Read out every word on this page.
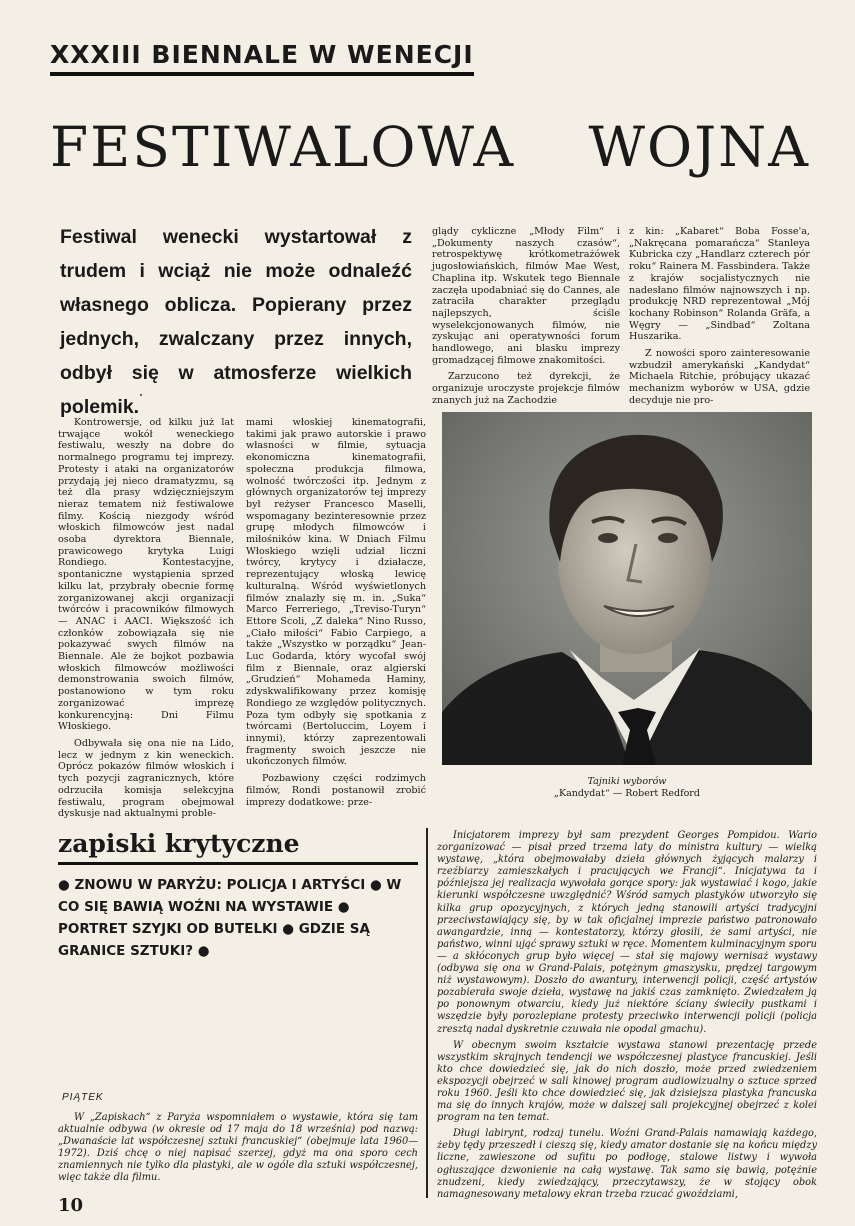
XXXIII BIENNALE W WENECJI
FESTIWALOWA WOJNA

Festiwal wenecki wystartował z trudem i wciąż nie może odnaleźć własnego oblicza. Popierany przez jednych, zwalczany przez innych, odbył się w atmosferze wielkich polemik.

glądy cykliczne „Młody Film“ i „Dokumenty naszych czasów“, retrospektywę krótkometrażówek jugosłowiańskich, filmów Mae West, Chaplina itp. Wskutek tego Biennale zaczęła upodabniać się do Cannes, ale zatraciła charakter przeglądu najlepszych, ściśle wyselekcjonowanych filmów, nie zyskując ani operatywności forum handlowego, ani blasku imprezy gromadzącej filmowe znakomitości.

Zarzucono też dyrekcji, że organizuje uroczyste projekcje filmów znanych już na Zachodzie

z kin: „Kabaret“ Boba Fosse'a, „Nakręcana pomarańcza“ Stanleya Kubricka czy „Handlarz czterech pór roku“ Rainera M. Fassbindera. Także z krajów socjalistycznych nie nadesłano filmów najnowszych i np. produkcję NRD reprezentował „Mój kochany Robinson“ Rolanda Gräfa, a Węgry — „Sindbad“ Zoltana Huszarika.

Z nowości sporo zainteresowanie wzbudził amerykański „Kandydat“ Michaela Ritchie, próbujący ukazać mechanizm wyborów w USA, gdzie decyduje nie pro-

Kontrowersje, od kilku już lat trwające wokół weneckiego festiwalu, weszły na dobre do normalnego programu tej imprezy. Protesty i ataki na organizatorów przydają jej nieco dramatyzmu, są też dla prasy wdzięczniejszym nieraz tematem niż festiwalowe filmy. Kością niezgody wśród włoskich filmowców jest nadal osoba dyrektora Biennale, prawicowego krytyka Luigi Rondiego. Kontestacyjne, spontaniczne wystąpienia sprzed kilku lat, przybrały obecnie formę zorganizowanej akcji organizacji twórców i pracowników filmowych — ANAC i AACI. Większość ich członków zobowiązała się nie pokazywać swych filmów na Biennale. Ale że bojkot pozbawia włoskich filmowców możliwości demonstrowania swoich filmów, postanowiono w tym roku zorganizować imprezę konkurencyjną: Dni Filmu Włoskiego.

Odbywała się ona nie na Lido, lecz w jednym z kin weneckich. Oprócz pokazów filmów włoskich i tych pozycji zagranicznych, które odrzuciła komisja selekcyjna festiwalu, program obejmował dyskusje nad aktualnymi proble-

mami włoskiej kinematografii, takimi jak prawo autorskie i prawo własności w filmie, sytuacja ekonomiczna kinematografii, społeczna produkcja filmowa, wolność twórczości itp. Jednym z głównych organizatorów tej imprezy był reżyser Francesco Maselli, wspomagany bezinteresownie przez grupę młodych filmowców i miłośników kina. W Dniach Filmu Włoskiego wzięli udział liczni twórcy, krytycy i działacze, reprezentujący włoską lewicę kulturalną. Wśród wyświetlonych filmów znalazły się m. in. „Suka“ Marco Ferreriego, „Treviso-Turyn“ Ettore Scoli, „Z daleka“ Nino Russo, „Ciało miłości“ Fabio Carpiego, a także „Wszystko w porządku“ Jean-Luc Godarda, który wycofał swój film z Biennale, oraz algierski „Grudzień“ Mohameda Haminy, zdyskwalifikowany przez komisję Rondiego ze względów politycznych. Poza tym odbyły się spotkania z twórcami (Bertoluccim, Loyem i innymi), którzy zaprezentowali fragmenty swoich jeszcze nie ukończonych filmów.

Pozbawiony części rodzimych filmów, Rondi postanowił zrobić imprezy dodatkowe: prze-

Tajniki wyborów
„Kandydat“ — Robert Redford
zapiski krytyczne

● ZNOWU W PARYŻU: POLICJA I ARTYŚCI ● W CO SIĘ BAWIĄ WOŹNI NA WYSTAWIE ● PORTRET SZYJKI OD BUTELKI ● GDZIE SĄ GRANICE SZTUKI? ●

PIĄTEK

W „Zapiskach“ z Paryża wspomniałem o wystawie, która się tam aktualnie odbywa (w okresie od 17 maja do 18 września) pod nazwą: „Dwanaście lat współczesnej sztuki francuskiej“ (obejmuje lata 1960—1972). Dziś chcę o niej napisać szerzej, gdyż ma ona sporo cech znamiennych nie tylko dla plastyki, ale w ogóle dla sztuki współczesnej, więc także dla filmu.

Inicjatorem imprezy był sam prezydent Georges Pompidou. Wario zorganizować — pisał przed trzema laty do ministra kultury — wielką wystawę, „która obejmowałaby dzieła głównych żyjących malarzy i rzeźbiarzy zamieszkałych i pracujących we Francji“. Inicjatywa ta i późniejsza jej realizacja wywołała gorące spory: jak wystawiać i kogo, jakie kierunki współczesne uwzględnić? Wśród samych plastyków utworzyło się kilka grup opozycyjnych, z których jedną stanowili artyści tradycyjni przeciwstawiający się, by w tak oficjalnej imprezie państwo patronowało awangardzie, inną — kontestatorzy, którzy głosili, że sami artyści, nie państwo, winni ująć sprawy sztuki w ręce. Momentem kulminacyjnym sporu — a skłóconych grup było więcej — stał się majowy wernisaż wystawy (odbywa się ona w Grand-Palais, potężnym gmaszysku, prędzej targowym niż wystawowym). Doszło do awantury, interwencji policji, część artystów pozabierała swoje dzieła, wystawę na jakiś czas zamknięto. Zwiedzałem ją po ponownym otwarciu, kiedy już niektóre ściany świeciły pustkami i wszędzie były porozlepiane protesty przeciwko interwencji policji (policja zresztą nadal dyskretnie czuwała nie opodal gmachu).

W obecnym swoim kształcie wystawa stanowi prezentację przede wszystkim skrajnych tendencji we współczesnej plastyce francuskiej. Jeśli kto chce dowiedzieć się, jak do nich doszło, może przed zwiedzeniem ekspozycji obejrzeć w sali kinowej program audiowizualny o sztuce sprzed roku 1960. Jeśli kto chce dowiedzieć się, jak dzisiejsza plastyka francuska ma się do innych krajów, może w dalszej sali projekcyjnej obejrzeć z kolei program na ten temat.

Długi labirynt, rodzaj tunelu. Woźni Grand-Palais namawiają każdego, żeby tędy przeszedł i cieszą się, kiedy amator dostanie się na końcu między liczne, zawieszone od sufitu po podłogę, stalowe listwy i wywoła ogłuszające dzwonienie na całą wystawę. Tak samo się bawią, potężnie znudzeni, kiedy zwiedzający, przeczytawszy, że w stojący obok namagnesowany metalowy ekran trzeba rzucać gwoździami,

10
